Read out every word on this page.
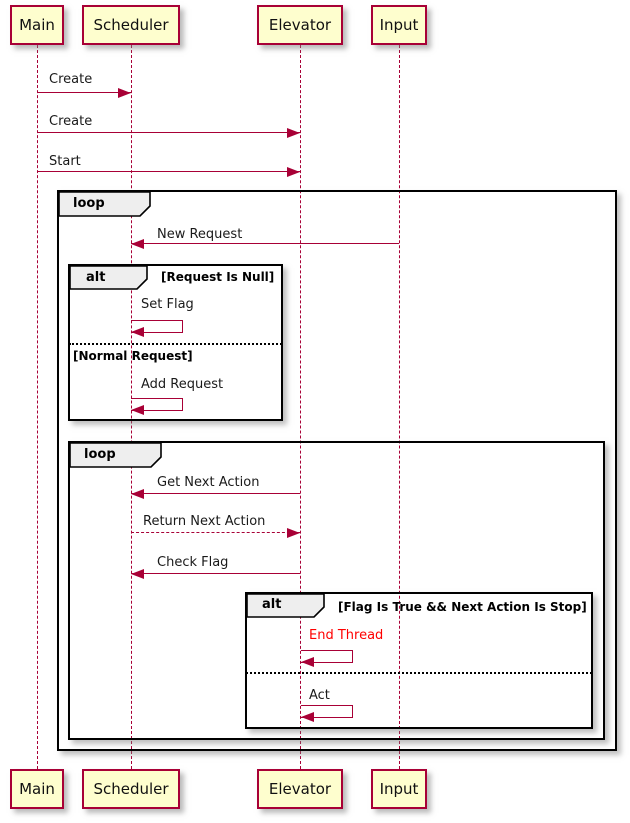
loop
alt	[Request Is Null]
[Normal Request]
loop
alt	[Flag Is True && Next Action Is Stop]
Create
Create
Start
New Request
Set Flag
Add Request
Get Next Action
Return Next Action
Check Flag
End Thread
Act
Main	Scheduler	Elevator	Input
Main	Scheduler	Elevator	Input
